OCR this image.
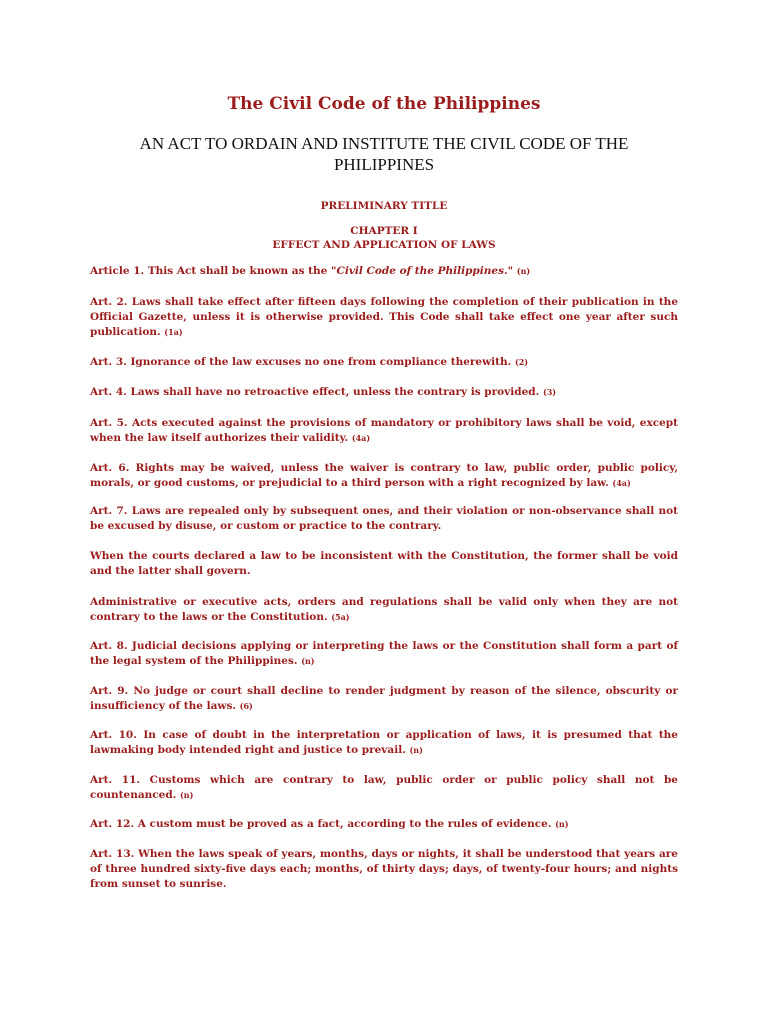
The Civil Code of the Philippines
AN ACT TO ORDAIN AND INSTITUTE THE CIVIL CODE OF THE PHILIPPINES
PRELIMINARY TITLE
CHAPTER I
EFFECT AND APPLICATION OF LAWS

Article 1. This Act shall be known as the "Civil Code of the Philippines." (n)

Art. 2. Laws shall take effect after fifteen days following the completion of their publication in the Official Gazette, unless it is otherwise provided. This Code shall take effect one year after such publication. (1a)

Art. 3. Ignorance of the law excuses no one from compliance therewith. (2)

Art. 4. Laws shall have no retroactive effect, unless the contrary is provided. (3)

Art. 5. Acts executed against the provisions of mandatory or prohibitory laws shall be void, except when the law itself authorizes their validity. (4a)

Art. 6. Rights may be waived, unless the waiver is contrary to law, public order, public policy, morals, or good customs, or prejudicial to a third person with a right recognized by law. (4a)

Art. 7. Laws are repealed only by subsequent ones, and their violation or non-observance shall not be excused by disuse, or custom or practice to the contrary.

When the courts declared a law to be inconsistent with the Constitution, the former shall be void and the latter shall govern.

Administrative or executive acts, orders and regulations shall be valid only when they are not contrary to the laws or the Constitution. (5a)

Art. 8. Judicial decisions applying or interpreting the laws or the Constitution shall form a part of the legal system of the Philippines. (n)

Art. 9. No judge or court shall decline to render judgment by reason of the silence, obscurity or insufficiency of the laws. (6)

Art. 10. In case of doubt in the interpretation or application of laws, it is presumed that the lawmaking body intended right and justice to prevail. (n)

Art. 11. Customs which are contrary to law, public order or public policy shall not be countenanced. (n)

Art. 12. A custom must be proved as a fact, according to the rules of evidence. (n)

Art. 13. When the laws speak of years, months, days or nights, it shall be understood that years are of three hundred sixty-five days each; months, of thirty days; days, of twenty-four hours; and nights from sunset to sunrise.
